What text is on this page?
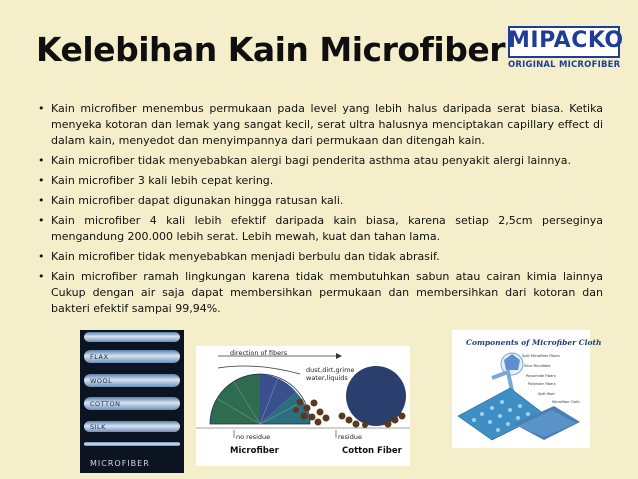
Kelebihan Kain Microfiber MIPACKO
ORIGINAL MICROFIBER
• Kain microfiber menembus permukaan pada level yang lebih halus daripada serat biasa. Ketika menyeka kotoran dan lemak yang sangat kecil, serat ultra halusnya menciptakan capillary effect di dalam kain, menyedot dan menyimpannya dari permukaan dan ditengah kain.
• Kain microfiber tidak menyebabkan alergi bagi penderita asthma atau penyakit alergi lainnya.
• Kain microfiber 3 kali lebih cepat kering.
• Kain microfiber dapat digunakan hingga ratusan kali.
• Kain microfiber 4 kali lebih efektif daripada kain biasa, karena setiap 2,5cm perseginya mengandung 200.000 lebih serat. Lebih mewah, kuat dan tahan lama.
• Kain microfiber tidak menyebabkan menjadi berbulu dan tidak abrasif.
• Kain microfiber ramah lingkungan karena tidak membutuhkan sabun atau cairan kimia lainnya Cukup dengan air saja dapat membersihkan permukaan dan membersihkan dari kotoran dan bakteri efektif sampai 99,94%.
FLAX
WOOL
COTTON
SILK
MICROFIBER
direction of fibers
dust,dirt,grime water,liquids
no residue	residue
Microfiber	Cotton Fiber
Components of Microfiber Cloth
Split Microfiber Fibers
Slice Microfiber
Polyamide Fibers
Polyester Fibers
Split fiber
Microfiber Cloth
